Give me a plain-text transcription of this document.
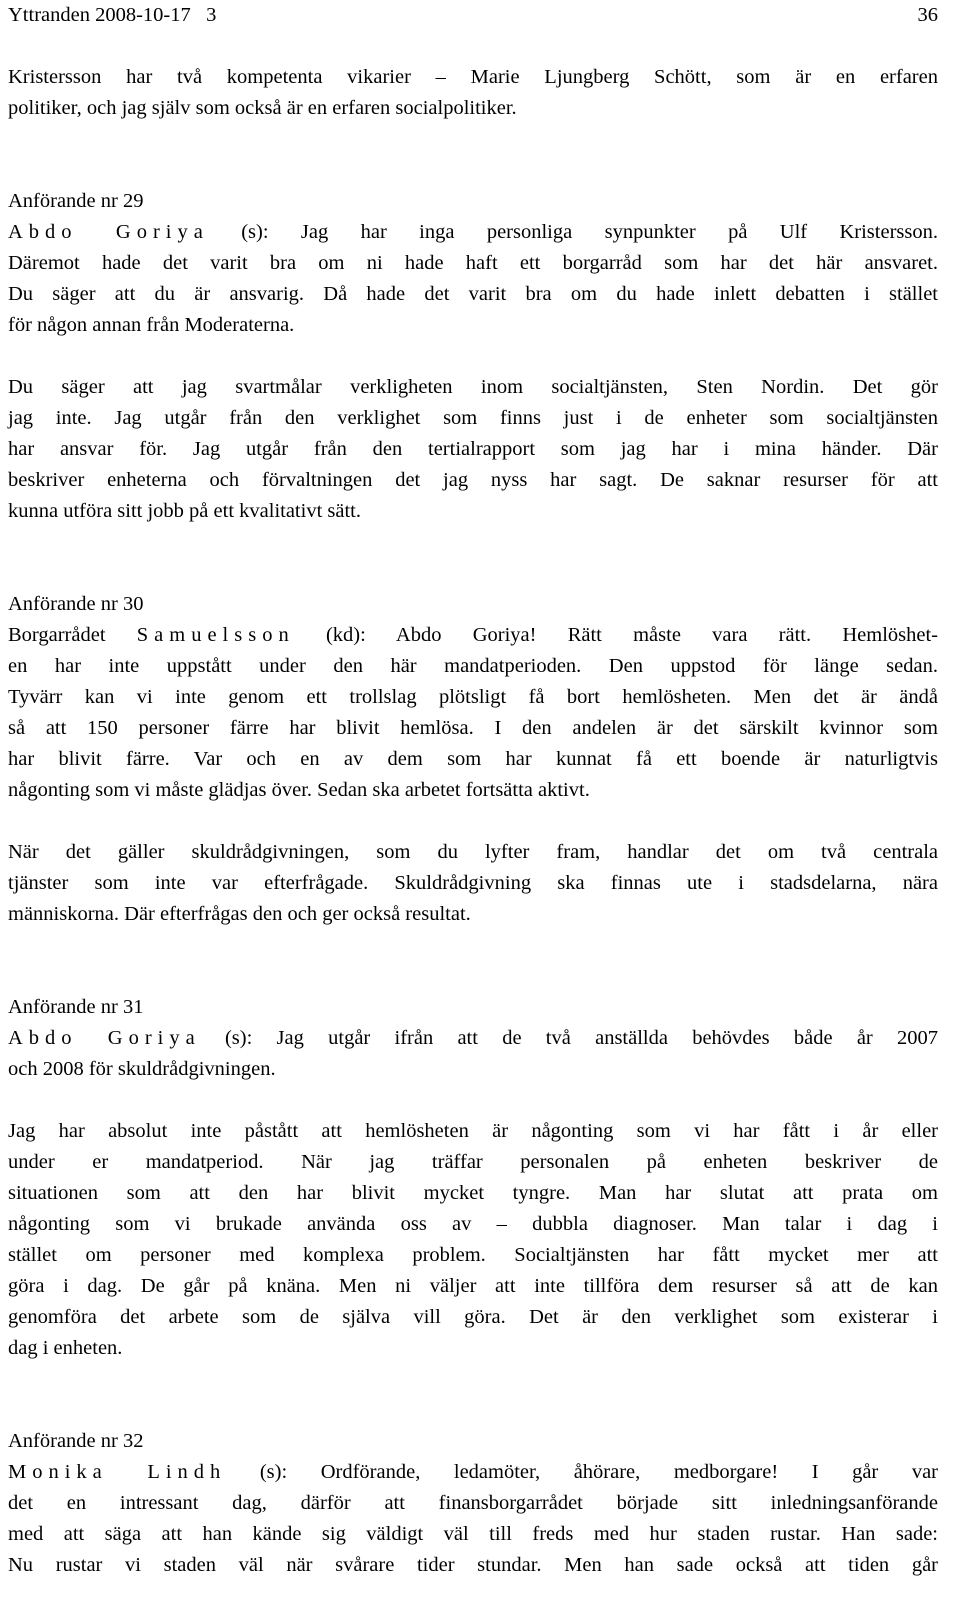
Yttranden 2008-10-17   3	36

Kristersson har två kompetenta vikarier – Marie Ljungberg Schött, som är en erfaren
politiker, och jag själv som också är en erfaren socialpolitiker.

Anförande nr 29

Abdo Goriya (s): Jag har inga personliga synpunkter på Ulf Kristersson.
Däremot hade det varit bra om ni hade haft ett borgarråd som har det här ansvaret.
Du säger att du är ansvarig. Då hade det varit bra om du hade inlett debatten i stället
för någon annan från Moderaterna.

Du säger att jag svartmålar verkligheten inom socialtjänsten, Sten Nordin. Det gör
jag inte. Jag utgår från den verklighet som finns just i de enheter som socialtjänsten
har ansvar för. Jag utgår från den tertialrapport som jag har i mina händer. Där
beskriver enheterna och förvaltningen det jag nyss har sagt. De saknar resurser för att
kunna utföra sitt jobb på ett kvalitativt sätt.

Anförande nr 30

Borgarrådet Samuelsson (kd): Abdo Goriya! Rätt måste vara rätt. Hemlöshet-
en har inte uppstått under den här mandatperioden. Den uppstod för länge sedan.
Tyvärr kan vi inte genom ett trollslag plötsligt få bort hemlösheten. Men det är ändå
så att 150 personer färre har blivit hemlösa. I den andelen är det särskilt kvinnor som
har blivit färre. Var och en av dem som har kunnat få ett boende är naturligtvis
någonting som vi måste glädjas över. Sedan ska arbetet fortsätta aktivt.

När det gäller skuldrådgivningen, som du lyfter fram, handlar det om två centrala
tjänster som inte var efterfrågade. Skuldrådgivning ska finnas ute i stadsdelarna, nära
människorna. Där efterfrågas den och ger också resultat.

Anförande nr 31

Abdo Goriya (s): Jag utgår ifrån att de två anställda behövdes både år 2007
och 2008 för skuldrådgivningen.

Jag har absolut inte påstått att hemlösheten är någonting som vi har fått i år eller
under er mandatperiod. När jag träffar personalen på enheten beskriver de
situationen som att den har blivit mycket tyngre. Man har slutat att prata om
någonting som vi brukade använda oss av – dubbla diagnoser. Man talar i dag i
stället om personer med komplexa problem. Socialtjänsten har fått mycket mer att
göra i dag. De går på knäna. Men ni väljer att inte tillföra dem resurser så att de kan
genomföra det arbete som de själva vill göra. Det är den verklighet som existerar i
dag i enheten.

Anförande nr 32

Monika Lindh (s): Ordförande, ledamöter, åhörare, medborgare! I går var
det en intressant dag, därför att finansborgarrådet började sitt inledningsanförande
med att säga att han kände sig väldigt väl till freds med hur staden rustar. Han sade:
Nu rustar vi staden väl när svårare tider stundar. Men han sade också att tiden går
